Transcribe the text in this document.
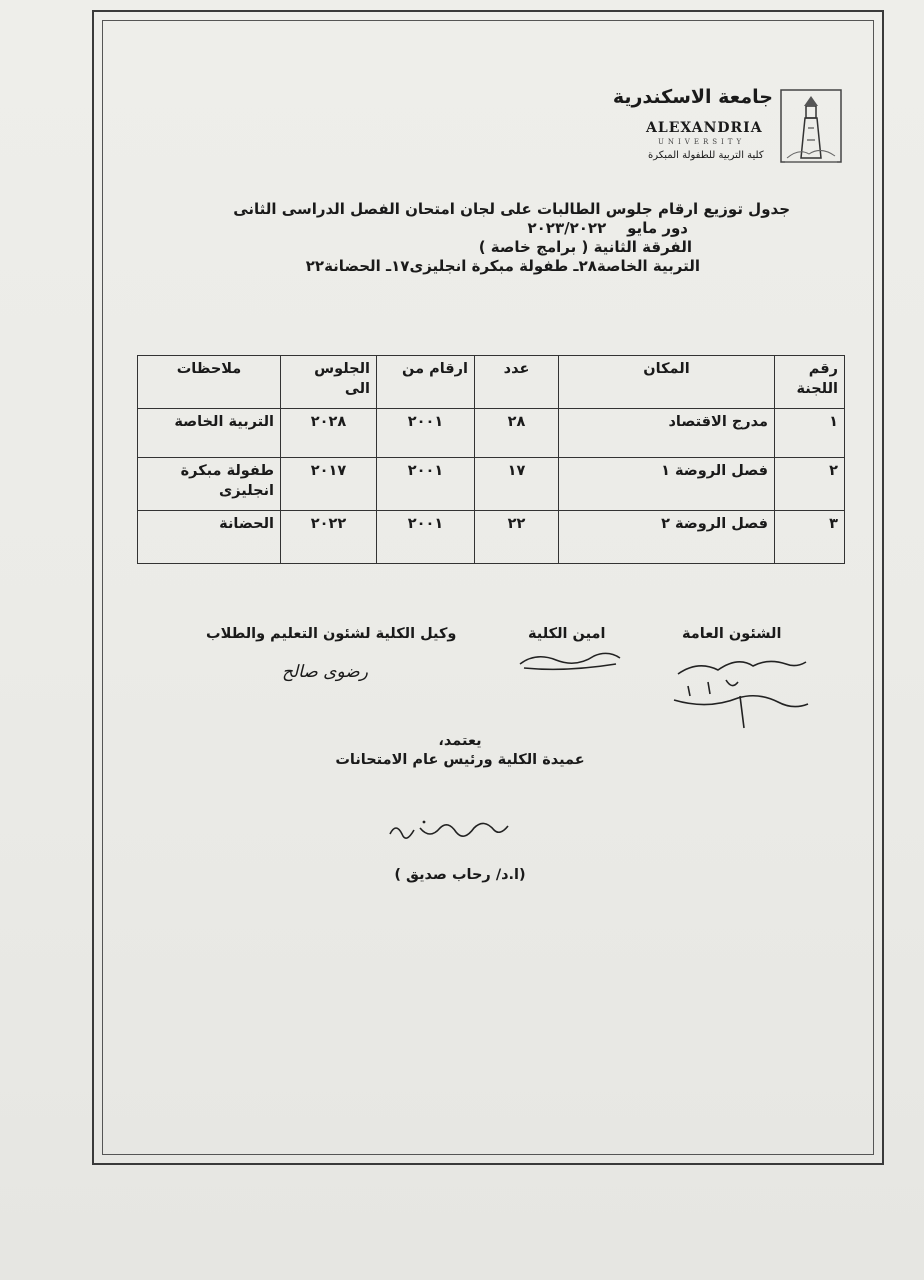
جامعة الاسكندرية
ALEXANDRIA
UNIVERSITY
كلية التربية للطفولة المبكرة
جدول توزيع ارقام جلوس الطالبات على لجان امتحان الفصل الدراسى الثانى
دور مايو    ٢٠٢٣/٢٠٢٢
الفرقة الثانية ( برامج خاصة )
التربية الخاصة٢٨ـ طفولة مبكرة انجليزى١٧ـ الحضانة٢٢
رقم اللجنة	المكان	عدد	ارقام من	الجلوس الى	ملاحظات
١	مدرج الاقتصاد	٢٨	٢٠٠١	٢٠٢٨	التربية الخاصة
٢	فصل الروضة ١	١٧	٢٠٠١	٢٠١٧	طفولة مبكرة انجليزى
٣	فصل الروضة ٢	٢٢	٢٠٠١	٢٠٢٢	الحضانة
الشئون العامة
امين الكلية
وكيل الكلية لشئون التعليم والطلاب
رضوى صالح
يعتمد،
عميدة الكلية ورئيس عام الامتحانات
(ا.د/ رحاب صديق )
